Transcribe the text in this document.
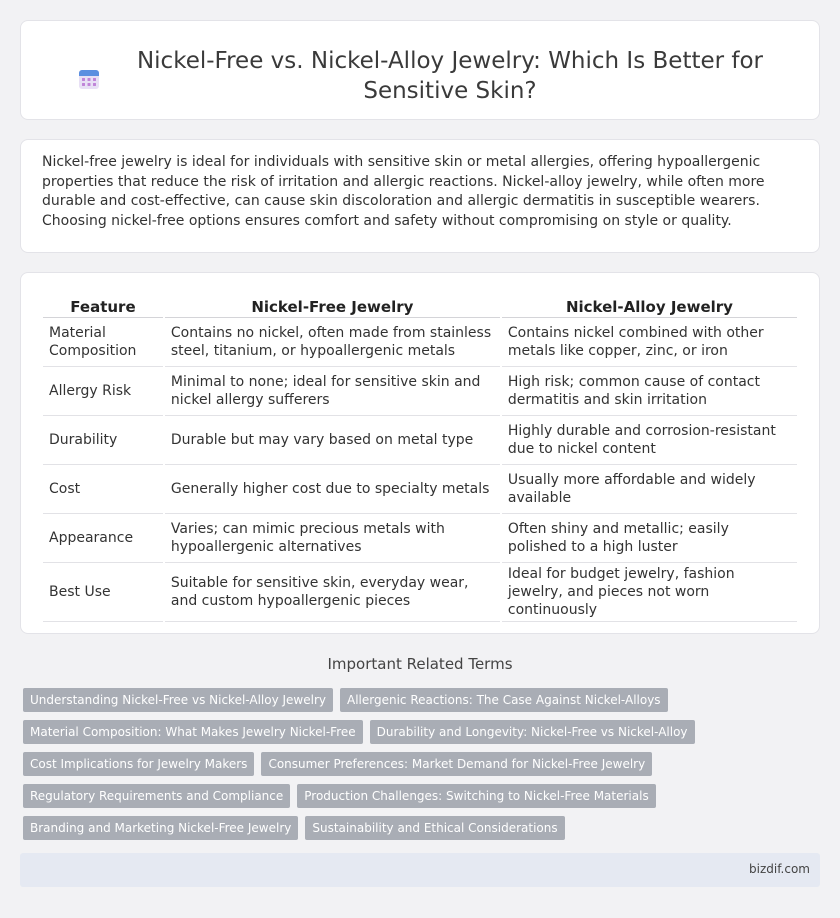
Nickel-Free vs. Nickel-Alloy Jewelry: Which Is Better for Sensitive Skin?

Nickel-free jewelry is ideal for individuals with sensitive skin or metal allergies, offering hypoallergenic properties that reduce the risk of irritation and allergic reactions. Nickel-alloy jewelry, while often more durable and cost-effective, can cause skin discoloration and allergic dermatitis in susceptible wearers. Choosing nickel-free options ensures comfort and safety without compromising on style or quality.

Feature	Nickel-Free Jewelry	Nickel-Alloy Jewelry
Material Composition	Contains no nickel, often made from stainless steel, titanium, or hypoallergenic metals	Contains nickel combined with other metals like copper, zinc, or iron
Allergy Risk	Minimal to none; ideal for sensitive skin and nickel allergy sufferers	High risk; common cause of contact dermatitis and skin irritation
Durability	Durable but may vary based on metal type	Highly durable and corrosion-resistant due to nickel content
Cost	Generally higher cost due to specialty metals	Usually more affordable and widely available
Appearance	Varies; can mimic precious metals with hypoallergenic alternatives	Often shiny and metallic; easily polished to a high luster
Best Use	Suitable for sensitive skin, everyday wear, and custom hypoallergenic pieces	Ideal for budget jewelry, fashion jewelry, and pieces not worn continuously
Important Related Terms
Understanding Nickel-Free vs Nickel-Alloy Jewelry	Allergenic Reactions: The Case Against Nickel-Alloys
Material Composition: What Makes Jewelry Nickel-Free	Durability and Longevity: Nickel-Free vs Nickel-Alloy
Cost Implications for Jewelry Makers	Consumer Preferences: Market Demand for Nickel-Free Jewelry
Regulatory Requirements and Compliance	Production Challenges: Switching to Nickel-Free Materials
Branding and Marketing Nickel-Free Jewelry	Sustainability and Ethical Considerations
bizdif.com
